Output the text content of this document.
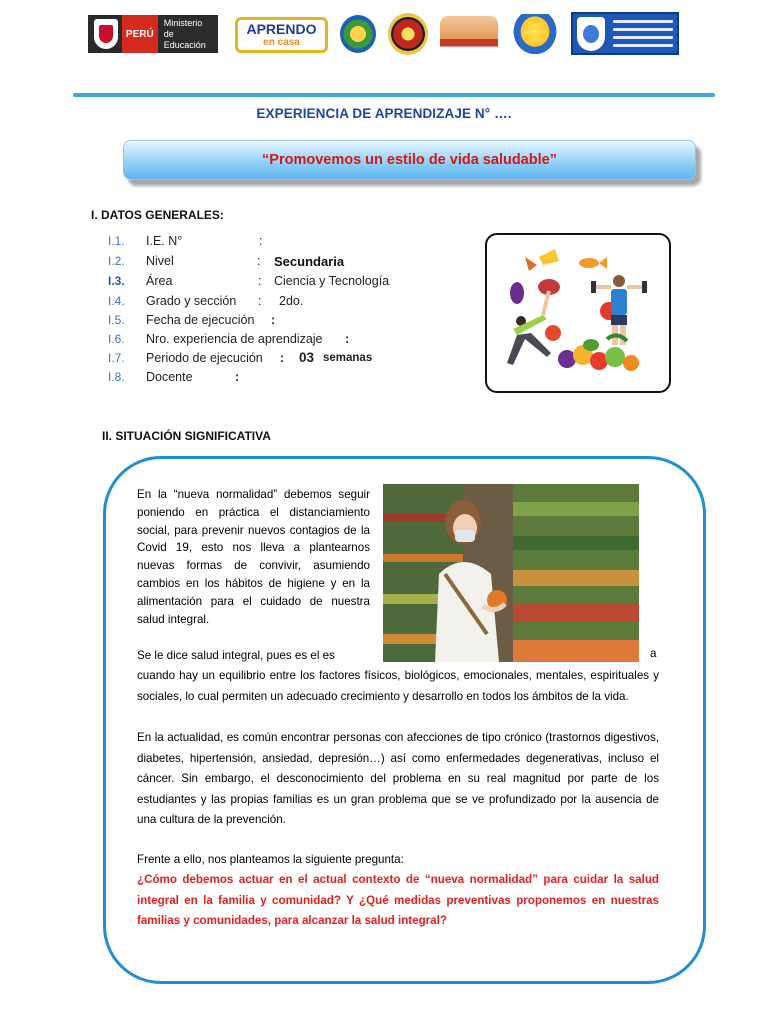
PERÚ
Ministerio
de Educación
APRENDO
en casa
EXPERIENCIA DE APRENDIZAJE N° ….
“Promovemos un estilo de vida saludable”
I. DATOS GENERALES:
I.1. I.E. N°	:
I.2. Nivel	: Secundaria
I.3. Área	: Ciencia y Tecnología
I.4. Grado y sección : 2do.
I.5. Fecha de ejecución :
I.6. Nro. experiencia de aprendizaje :
I.7. Periodo de ejecución : 03 semanas
I.8. Docente	:
II. SITUACIÓN SIGNIFICATIVA
En la “nueva normalidad” debemos seguir poniendo en práctica el distanciamiento social, para prevenir nuevos contagios de la Covid 19, esto nos lleva a plantearnos nuevas formas de convivir, asumiendo cambios en los hábitos de higiene y en la alimentación para el cuidado de nuestra salud integral.
Se le dice salud integral, pues es el es	a
cuando hay un equilibrio entre los factores físicos, biológicos, emocionales, mentales, espirituales y sociales, lo cual permiten un adecuado crecimiento y desarrollo en todos los ámbitos de la vida.
En la actualidad, es común encontrar personas con afecciones de tipo crónico (trastornos digestivos, diabetes, hipertensión, ansiedad, depresión…) así como enfermedades degenerativas, incluso el cáncer. Sin embargo, el desconocimiento del problema en su real magnitud por parte de los estudiantes y las propias familias es un gran problema que se ve profundizado por la ausencia de una cultura de la prevención.
Frente a ello, nos planteamos la siguiente pregunta:
¿Cómo debemos actuar en el actual contexto de “nueva normalidad” para cuidar la salud integral en la familia y comunidad? Y ¿Qué medidas preventivas proponemos en nuestras familias y comunidades, para alcanzar la salud integral?
